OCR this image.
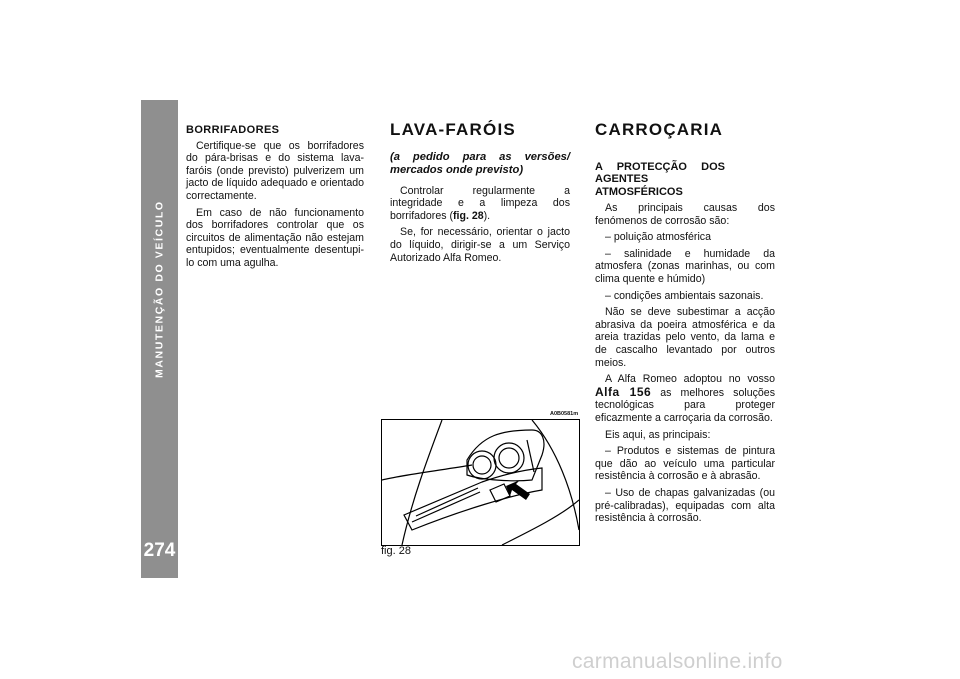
MANUTENÇÃO DO VEÍCULO
274
BORRIFADORES

Certifique-se que os borrifadores do pára-brisas e do sistema lava-faróis (onde previsto) pulverizem um jacto de líquido adequado e orientado correctamente.

Em caso de não funcionamento dos borrifadores controlar que os circuitos de alimentação não estejam entupidos; eventualmente desentupi-lo com uma agulha.

LAVA-FARÓIS
(a pedido para as versões/ mercados onde previsto)

Controlar regularmente a integridade e a limpeza dos borrifadores (fig. 28).

Se, for necessário, orientar o jacto do líquido, dirigir-se a um Serviço Autorizado Alfa Romeo.

A0B0581m
fig. 28
CARROÇARIA
A PROTECÇÃO DOS AGENTES ATMOSFÉRICOS

As principais causas dos fenómenos de corrosão são:

– poluição atmosférica

– salinidade e humidade da atmosfera (zonas marinhas, ou com clima quente e húmido)

– condições ambientais sazonais.

Não se deve subestimar a acção abrasiva da poeira atmosférica e da areia trazidas pelo vento, da lama e de cascalho levantado por outros meios.

A Alfa Romeo adoptou no vosso Alfa 156 as melhores soluções tecnológicas para proteger eficazmente a carroçaria da corrosão.

Eis aqui, as principais:

– Produtos e sistemas de pintura que dão ao veículo uma particular resistência à corrosão e à abrasão.

– Uso de chapas galvanizadas (ou pré-calibradas), equipadas com alta resistência à corrosão.

carmanualsonline.info
